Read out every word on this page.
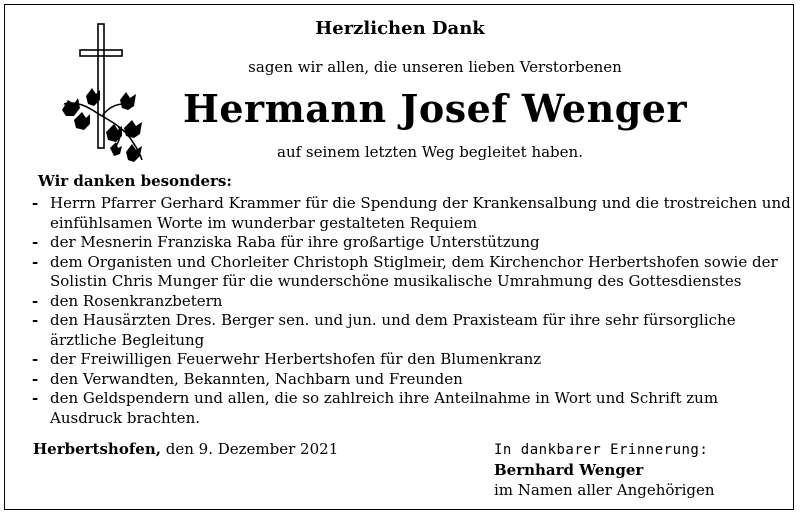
Herzlichen Dank
sagen wir allen, die unseren lieben Verstorbenen
Hermann Josef Wenger
auf seinem letzten Weg begleitet haben.
Wir danken besonders:
- Herrn Pfarrer Gerhard Krammer für die Spendung der Krankensalbung und die trostreichen und einfühlsamen Worte im wunderbar gestalteten Requiem
- der Mesnerin Franziska Raba für ihre großartige Unterstützung
- dem Organisten und Chorleiter Christoph Stiglmeir, dem Kirchenchor Herbertshofen sowie der Solistin Chris Munger für die wunderschöne musikalische Umrahmung des Gottesdienstes
- den Rosenkranzbetern
- den Hausärzten Dres. Berger sen. und jun. und dem Praxisteam für ihre sehr fürsorgliche ärztliche Begleitung
- der Freiwilligen Feuerwehr Herbertshofen für den Blumenkranz
- den Verwandten, Bekannten, Nachbarn und Freunden
- den Geldspendern und allen, die so zahlreich ihre Anteilnahme in Wort und Schrift zum Ausdruck brachten.
Herbertshofen, den 9. Dezember 2021	In dankbarer Erinnerung:
Bernhard Wenger
im Namen aller Angehörigen
